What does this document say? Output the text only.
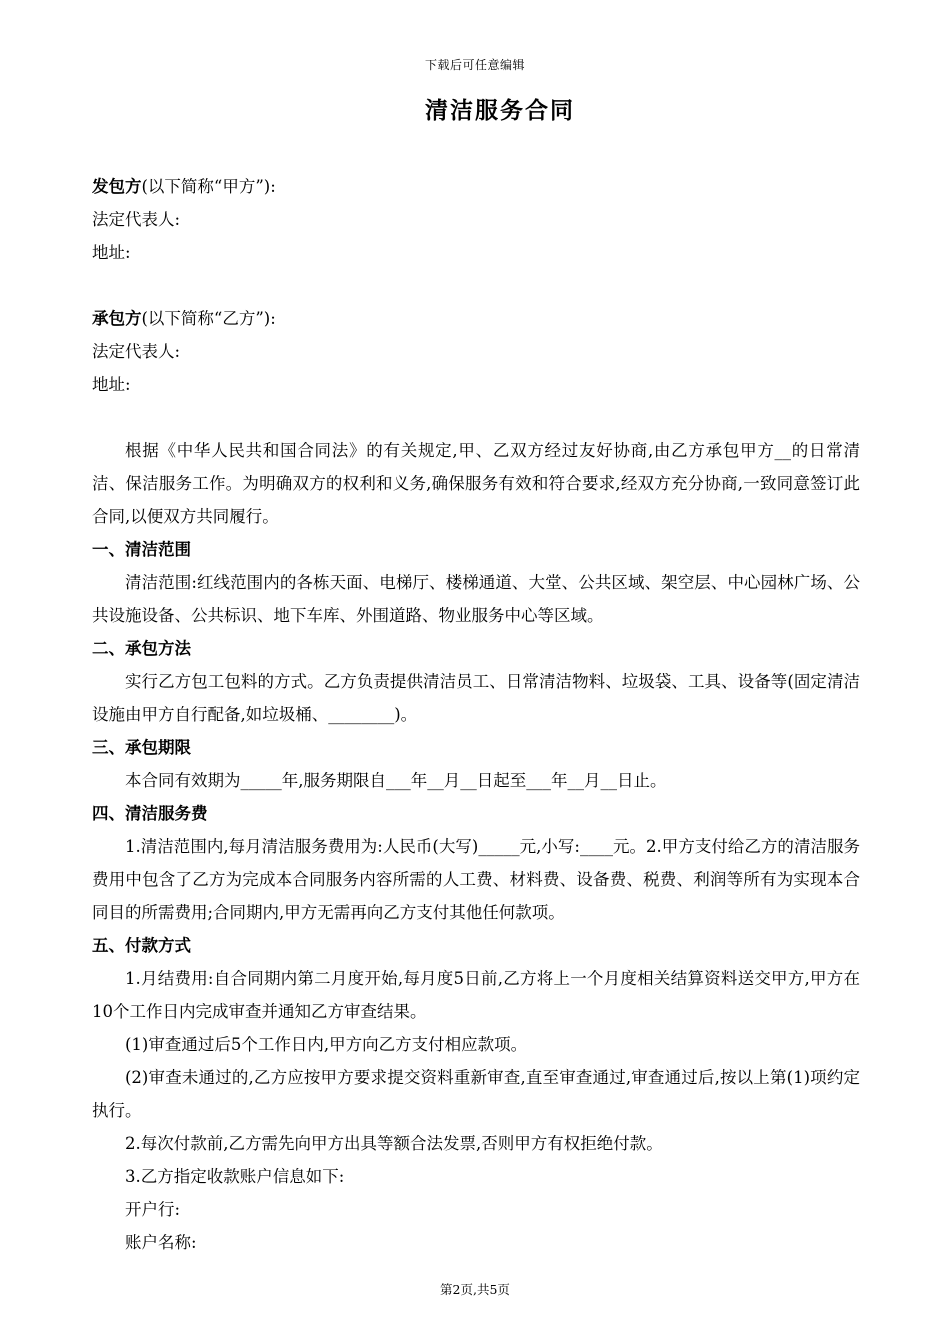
下载后可任意编辑
清洁服务合同
发包方(以下简称“甲方”):
法定代表人:
地址:
承包方(以下简称“乙方”):
法定代表人:
地址:
根据《中华人民共和国合同法》的有关规定,甲、乙双方经过友好协商,由乙方承包甲方__的日常清洁、保洁服务工作。为明确双方的权利和义务,确保服务有效和符合要求,经双方充分协商,一致同意签订此合同,以便双方共同履行。
一、清洁范围
清洁范围:红线范围内的各栋天面、电梯厅、楼梯通道、大堂、公共区域、架空层、中心园林广场、公共设施设备、公共标识、地下车库、外围道路、物业服务中心等区域。
二、承包方法
实行乙方包工包料的方式。乙方负责提供清洁员工、日常清洁物料、垃圾袋、工具、设备等(固定清洁设施由甲方自行配备,如垃圾桶、________)。
三、承包期限
本合同有效期为_____年,服务期限自___年__月__日起至___年__月__日止。
四、清洁服务费
1.清洁范围内,每月清洁服务费用为:人民币(大写)_____元,小写:____元。2.甲方支付给乙方的清洁服务费用中包含了乙方为完成本合同服务内容所需的人工费、材料费、设备费、税费、利润等所有为实现本合同目的所需费用;合同期内,甲方无需再向乙方支付其他任何款项。
五、付款方式
1.月结费用:自合同期内第二月度开始,每月度5日前,乙方将上一个月度相关结算资料送交甲方,甲方在10个工作日内完成审查并通知乙方审查结果。
(1)审查通过后5个工作日内,甲方向乙方支付相应款项。
(2)审查未通过的,乙方应按甲方要求提交资料重新审查,直至审查通过,审查通过后,按以上第(1)项约定执行。
2.每次付款前,乙方需先向甲方出具等额合法发票,否则甲方有权拒绝付款。
3.乙方指定收款账户信息如下:
开户行:
账户名称:
第2页,共5页
